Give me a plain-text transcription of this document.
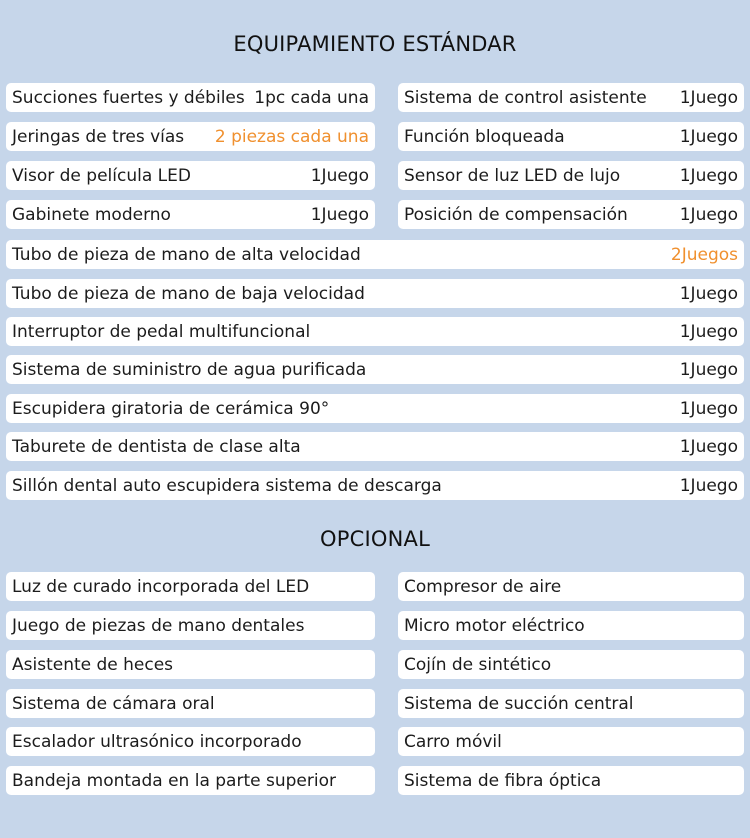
EQUIPAMIENTO ESTÁNDAR
Succiones fuertes y débiles 1pc cada una Sistema de control asistente 1Juego
Jeringas de tres vías 2 piezas cada una Función bloqueada	1Juego
Visor de película LED	1Juego Sensor de luz LED de lujo	1Juego
Gabinete moderno	1Juego Posición de compensación	1Juego
Tubo de pieza de mano de alta velocidad	2Juegos
Tubo de pieza de mano de baja velocidad	1Juego
Interruptor de pedal multifuncional	1Juego
Sistema de suministro de agua purificada	1Juego
Escupidera giratoria de cerámica 90°	1Juego
Taburete de dentista de clase alta	1Juego
Sillón dental auto escupidera sistema de descarga	1Juego
OPCIONAL
Luz de curado incorporada del LED	Compresor de aire
Juego de piezas de mano dentales	Micro motor eléctrico
Asistente de heces	Cojín de sintético
Sistema de cámara oral	Sistema de succión central
Escalador ultrasónico incorporado	Carro móvil
Bandeja montada en la parte superior	Sistema de fibra óptica
